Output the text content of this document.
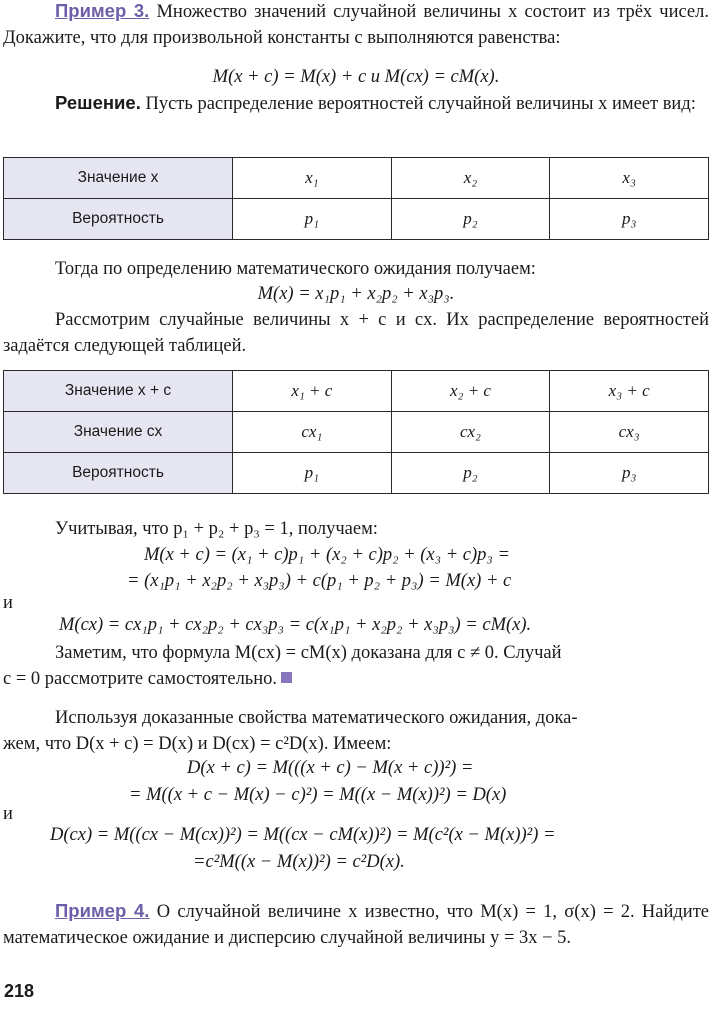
Пример 3. Множество значений случайной величины x состоит из трёх чисел. Докажите, что для произвольной константы c выполняются равенства:
M(x + c) = M(x) + c и M(cx) = cM(x).
Решение. Пусть распределение вероятностей случайной величины x имеет вид:
Значение x	x₁	x₂	x₃
Вероятность	p₁	p₂	p₃
Тогда по определению математического ожидания получаем:
M(x) = x₁p₁ + x₂p₂ + x₃p₃.
Рассмотрим случайные величины x + c и cx. Их распределение вероятностей задаётся следующей таблицей.
Значение x + c	x₁ + c	x₂ + c	x₃ + c
Значение cx	cx₁	cx₂	cx₃
Вероятность	p₁	p₂	p₃
Учитывая, что p₁ + p₂ + p₃ = 1, получаем:
M(x + c) = (x₁ + c)p₁ + (x₂ + c)p₂ + (x₃ + c)p₃ =
= (x₁p₁ + x₂p₂ + x₃p₃) + c(p₁ + p₂ + p₃) = M(x) + c
и
M(cx) = cx₁p₁ + cx₂p₂ + cx₃p₃ = c(x₁p₁ + x₂p₂ + x₃p₃) = cM(x).
Заметим, что формула M(cx) = cM(x) доказана для c ≠ 0. Случай
c = 0 рассмотрите самостоятельно.
Используя доказанные свойства математического ожидания, дока-
жем, что D(x + c) = D(x) и D(cx) = c²D(x). Имеем:
D(x + c) = M(((x + c) − M(x + c))²) =
= M((x + c − M(x) − c)²) = M((x − M(x))²) = D(x)
и
D(cx) = M((cx − M(cx))²) = M((cx − cM(x))²) = M(c²(x − M(x))²) =
=c²M((x − M(x))²) = c²D(x).
Пример 4. О случайной величине x известно, что M(x) = 1, σ(x) = 2. Найдите математическое ожидание и дисперсию случайной величины y = 3x − 5.
218
